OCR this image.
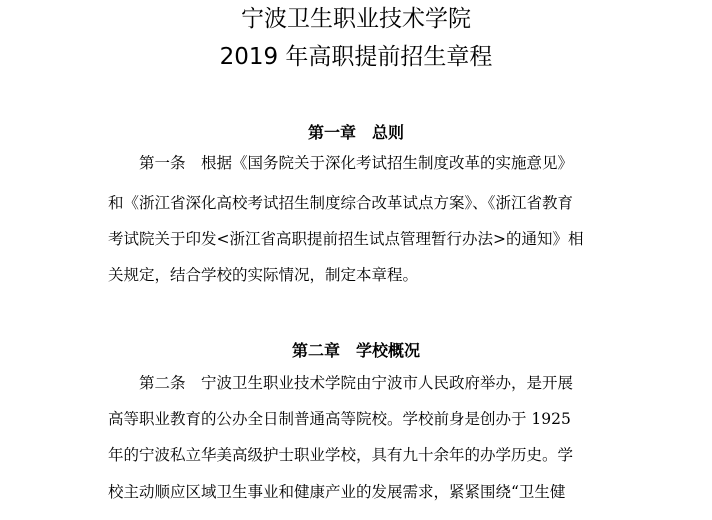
宁波卫生职业技术学院
2019 年高职提前招生章程
第一章　总则

第一条　根据《国务院关于深化考试招生制度改革的实施意见》

和《浙江省深化高校考试招生制度综合改革试点方案》、《浙江省教育

考试院关于印发<浙江省高职提前招生试点管理暂行办法>的通知》相

关规定，结合学校的实际情况，制定本章程。

第二章　学校概况

第二条　宁波卫生职业技术学院由宁波市人民政府举办，是开展

高等职业教育的公办全日制普通高等院校。学校前身是创办于 1925

年的宁波私立华美高级护士职业学校，具有九十余年的办学历史。学

校主动顺应区域卫生事业和健康产业的发展需求，紧紧围绕“卫生健
